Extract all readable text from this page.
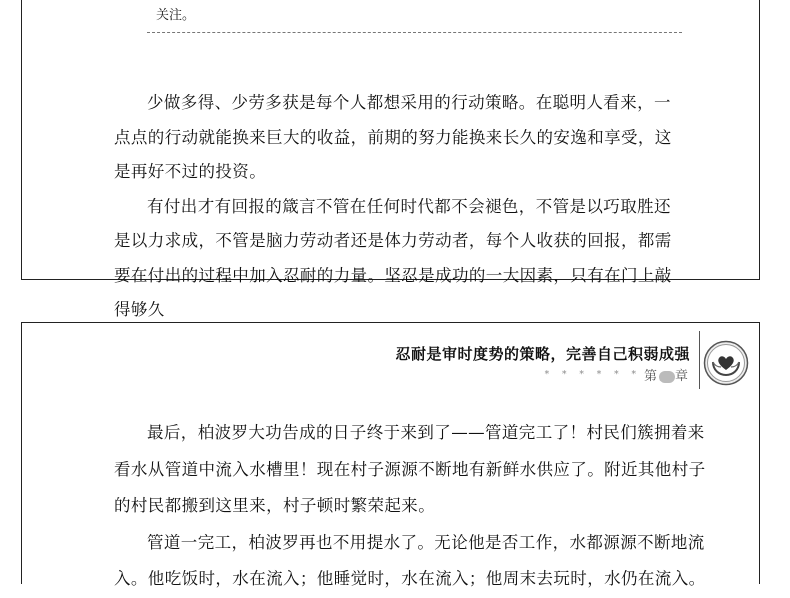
关注。

少做多得、少劳多获是每个人都想采用的行动策略。在聪明人看来，一点点的行动就能换来巨大的收益，前期的努力能换来长久的安逸和享受，这是再好不过的投资。

有付出才有回报的箴言不管在任何时代都不会褪色，不管是以巧取胜还是以力求成，不管是脑力劳动者还是体力劳动者，每个人收获的回报，都需要在付出的过程中加入忍耐的力量。坚忍是成功的一大因素，只有在门上敲得够久

忍耐是审时度势的策略，完善自己积弱成强
* * * * * * 第一章

最后，柏波罗大功告成的日子终于来到了——管道完工了！村民们簇拥着来看水从管道中流入水槽里！现在村子源源不断地有新鲜水供应了。附近其他村子的村民都搬到这里来，村子顿时繁荣起来。

管道一完工，柏波罗再也不用提水了。无论他是否工作，水都源源不断地流入。他吃饭时，水在流入；他睡觉时，水在流入；他周末去玩时，水仍在流入。
